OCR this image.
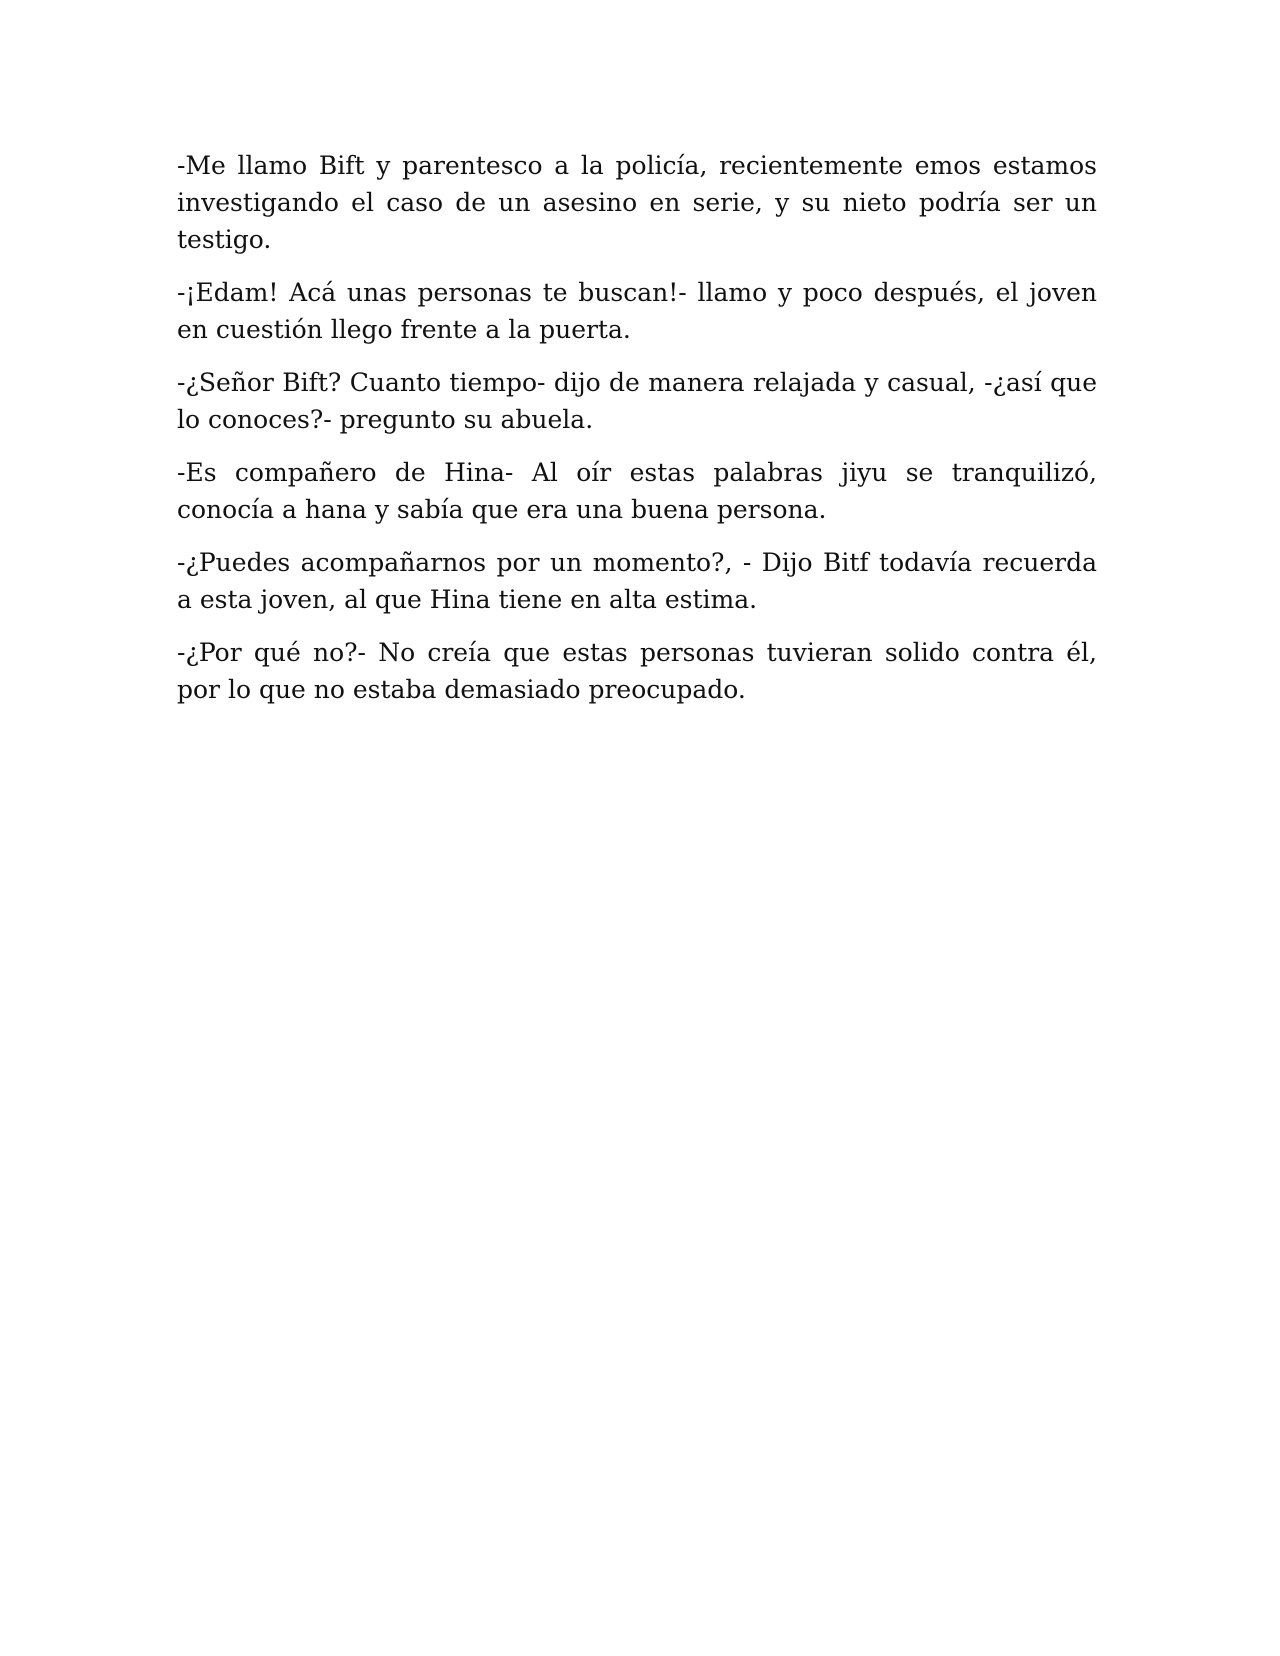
-Me llamo Bift y parentesco a la policía, recientemente emos estamos investigando el caso de un asesino en serie, y su nieto podría ser un testigo.

-¡Edam! Acá unas personas te buscan!- llamo y poco después, el joven en cuestión llego frente a la puerta.

-¿Señor Bift? Cuanto tiempo- dijo de manera relajada y casual, -¿así que lo conoces?- pregunto su abuela.

-Es compañero de Hina- Al oír estas palabras jiyu se tranquilizó, conocía a hana y sabía que era una buena persona.

-¿Puedes acompañarnos por un momento?, - Dijo Bitf todavía recuerda a esta joven, al que Hina tiene en alta estima.

-¿Por qué no?- No creía que estas personas tuvieran solido contra él, por lo que no estaba demasiado preocupado.
